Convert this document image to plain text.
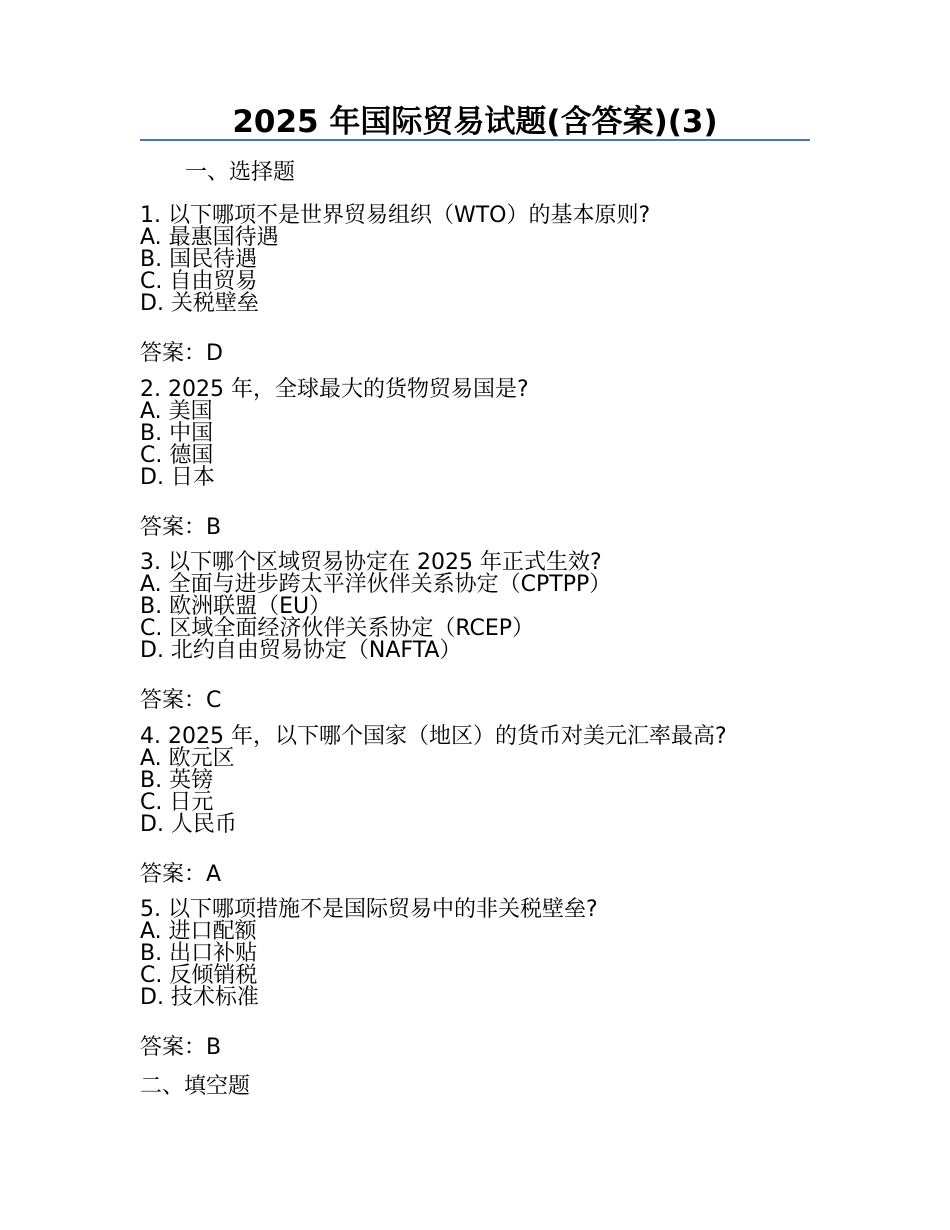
2025 年国际贸易试题(含答案)(3)
一、选择题
1. 以下哪项不是世界贸易组织（WTO）的基本原则?
A. 最惠国待遇
B. 国民待遇
C. 自由贸易
D. 关税壁垒
答案：D
2. 2025 年，全球最大的货物贸易国是?
A. 美国
B. 中国
C. 德国
D. 日本
答案：B
3. 以下哪个区域贸易协定在 2025 年正式生效?
A. 全面与进步跨太平洋伙伴关系协定（CPTPP）
B. 欧洲联盟（EU）
C. 区域全面经济伙伴关系协定（RCEP）
D. 北约自由贸易协定（NAFTA）
答案：C
4. 2025 年，以下哪个国家（地区）的货币对美元汇率最高?
A. 欧元区
B. 英镑
C. 日元
D. 人民币
答案：A
5. 以下哪项措施不是国际贸易中的非关税壁垒?
A. 进口配额
B. 出口补贴
C. 反倾销税
D. 技术标准
答案：B
二、填空题
